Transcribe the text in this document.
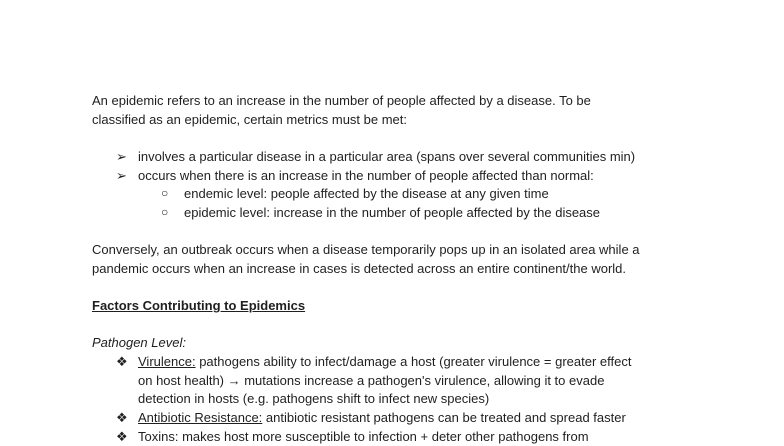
An epidemic refers to an increase in the number of people affected by a disease. To be
classified as an epidemic, certain metrics must be met:
➢ involves a particular disease in a particular area (spans over several communities min)
➢ occurs when there is an increase in the number of people affected than normal:
○ endemic level: people affected by the disease at any given time
○ epidemic level: increase in the number of people affected by the disease
Conversely, an outbreak occurs when a disease temporarily pops up in an isolated area while a
pandemic occurs when an increase in cases is detected across an entire continent/the world.
Factors Contributing to Epidemics
Pathogen Level:
❖ Virulence: pathogens ability to infect/damage a host (greater virulence = greater effect
on host health) → mutations increase a pathogen's virulence, allowing it to evade
detection in hosts (e.g. pathogens shift to infect new species)
❖ Antibiotic Resistance: antibiotic resistant pathogens can be treated and spread faster
❖ Toxins: makes host more susceptible to infection + deter other pathogens from
